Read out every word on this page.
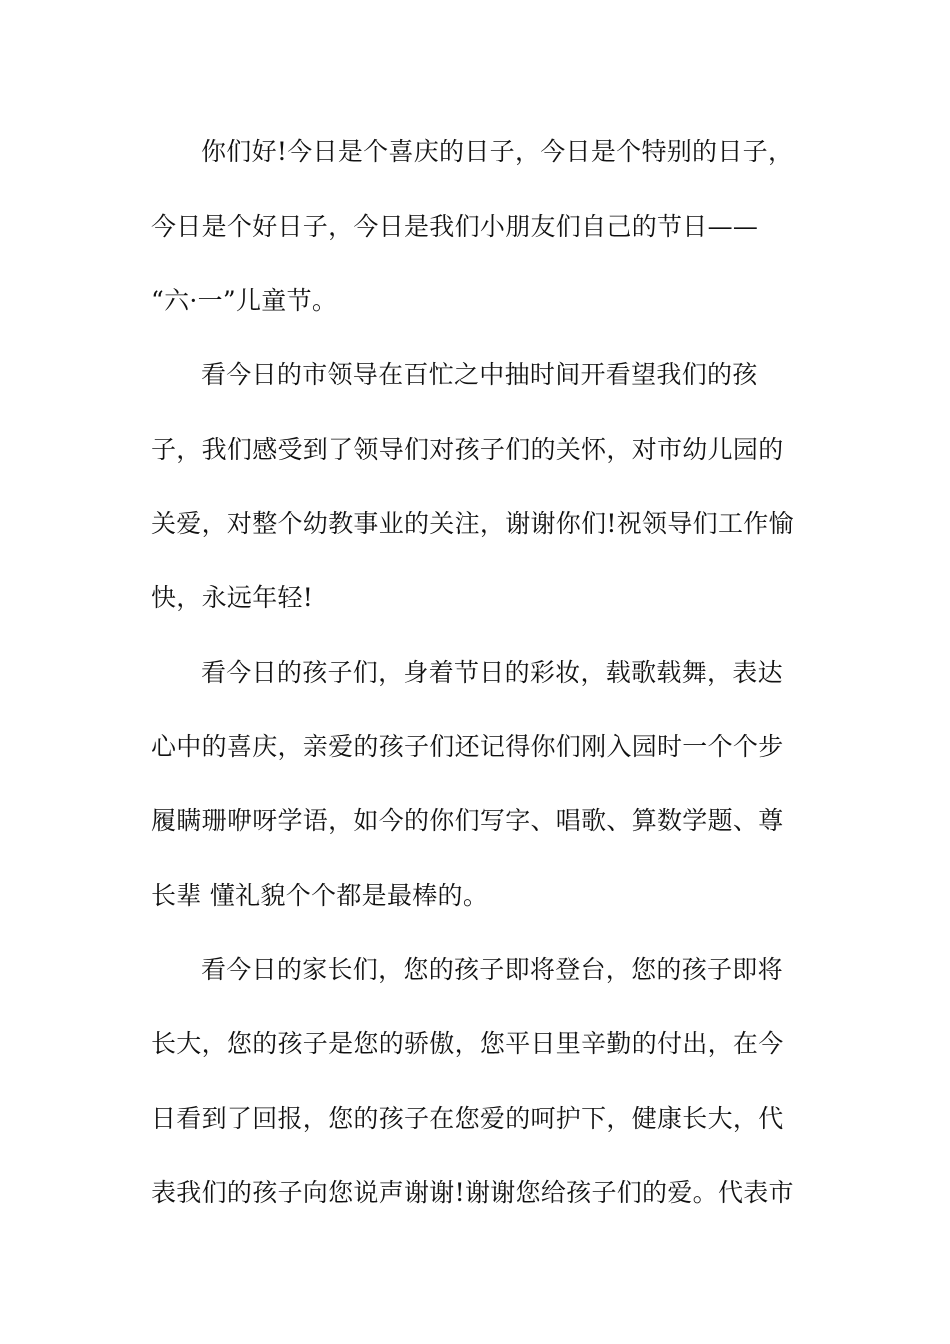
你们好!今日是个喜庆的日子，今日是个特别的日子，
今日是个好日子，今日是我们小朋友们自己的节日——
“六·一”儿童节。
看今日的市领导在百忙之中抽时间开看望我们的孩
子，我们感受到了领导们对孩子们的关怀，对市幼儿园的
关爱，对整个幼教事业的关注，谢谢你们!祝领导们工作愉
快，永远年轻!
看今日的孩子们，身着节日的彩妆，载歌载舞，表达
心中的喜庆，亲爱的孩子们还记得你们刚入园时一个个步
履瞒珊咿呀学语，如今的你们写字、唱歌、算数学题、尊
长辈 懂礼貌个个都是最棒的。
看今日的家长们，您的孩子即将登台，您的孩子即将
长大，您的孩子是您的骄傲，您平日里辛勤的付出，在今
日看到了回报，您的孩子在您爱的呵护下，健康长大，代
表我们的孩子向您说声谢谢!谢谢您给孩子们的爱。代表市
